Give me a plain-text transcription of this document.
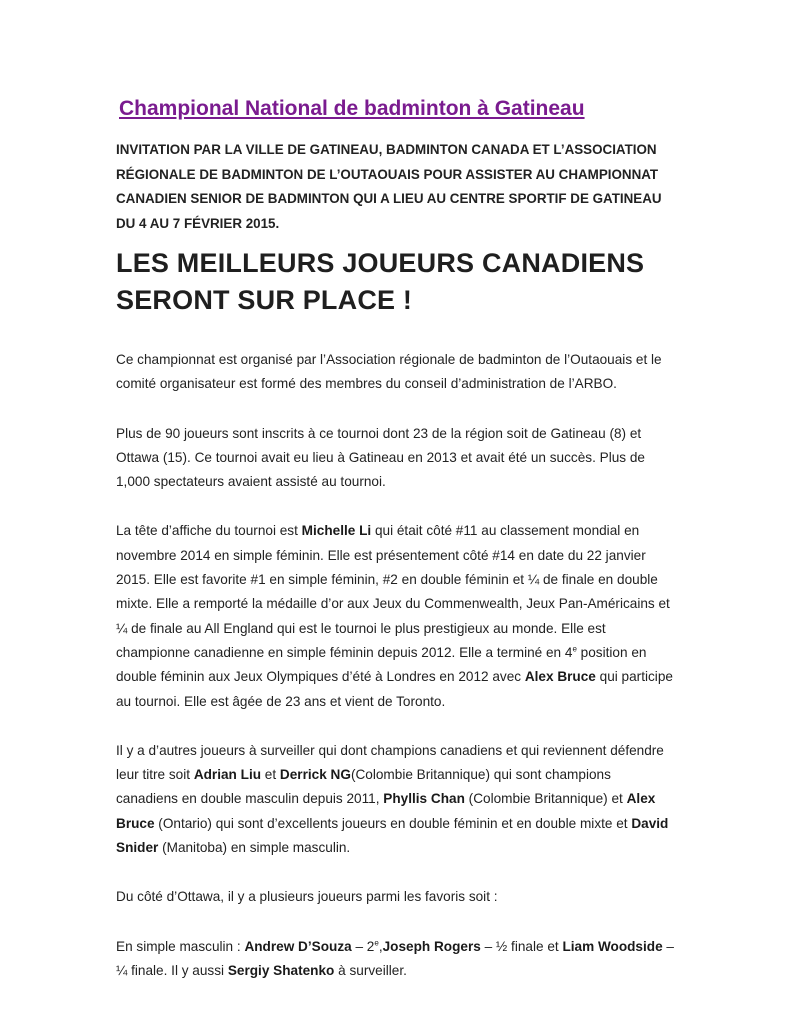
Champional National de badminton à Gatineau

INVITATION PAR LA VILLE DE GATINEAU, BADMINTON CANADA ET L’ASSOCIATION RÉGIONALE DE BADMINTON DE L’OUTAOUAIS POUR ASSISTER AU CHAMPIONNAT CANADIEN SENIOR DE BADMINTON QUI A LIEU AU CENTRE SPORTIF DE GATINEAU DU 4 AU 7 FÉVRIER 2015.

LES MEILLEURS JOUEURS CANADIENS SERONT SUR PLACE !

Ce championnat est organisé par l’Association régionale de badminton de l’Outaouais et le comité organisateur est formé des membres du conseil d’administration de l’ARBO.

Plus de 90 joueurs sont inscrits à ce tournoi dont 23 de la région soit de Gatineau (8) et Ottawa (15). Ce tournoi avait eu lieu à Gatineau en 2013 et avait été un succès. Plus de 1,000 spectateurs avaient assisté au tournoi.

La tête d’affiche du tournoi est Michelle Li qui était côté #11 au classement mondial en novembre 2014 en simple féminin. Elle est présentement côté #14 en date du 22 janvier 2015. Elle est favorite #1 en simple féminin, #2 en double féminin et ¼ de finale en double mixte. Elle a remporté la médaille d’or aux Jeux du Commenwealth, Jeux Pan-Américains et ¼ de finale au All England qui est le tournoi le plus prestigieux au monde. Elle est championne canadienne en simple féminin depuis 2012. Elle a terminé en 4e position en double féminin aux Jeux Olympiques d’été à Londres en 2012 avec Alex Bruce qui participe au tournoi. Elle est âgée de 23 ans et vient de Toronto.

Il y a d’autres joueurs à surveiller qui dont champions canadiens et qui reviennent défendre leur titre soit Adrian Liu et Derrick NG(Colombie Britannique) qui sont champions canadiens en double masculin depuis 2011, Phyllis Chan (Colombie Britannique) et Alex Bruce (Ontario) qui sont d’excellents joueurs en double féminin et en double mixte et David Snider (Manitoba) en simple masculin.

Du côté d’Ottawa, il y a plusieurs joueurs parmi les favoris soit :

En simple masculin : Andrew D’Souza – 2e,Joseph Rogers – ½ finale et Liam Woodside – ¼ finale. Il y aussi Sergiy Shatenko à surveiller.
